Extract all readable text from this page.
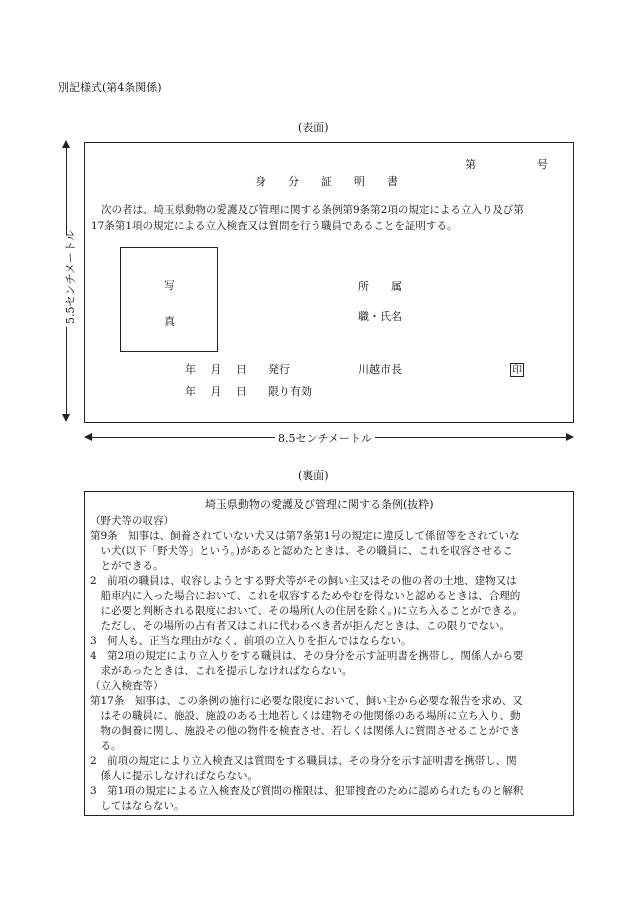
別記様式(第4条関係)
(表面)
5.5センチメートル
第	号
身　　分　　証　　明　　書
次の者は、埼玉県動物の愛護及び管理に関する条例第9条第2項の規定による立入り及び第
17条第1項の規定による立入検査又は質問を行う職員であることを証明する。
写
真
所　　属
職・氏名
年　 月　 日 発行	川越市長	印
年　 月　 日 限り有効
8.5センチメートル
(裏面)
埼玉県動物の愛護及び管理に関する条例(抜粋)
（野犬等の収容）
第9条　知事は、飼養されていない犬又は第7条第1号の規定に違反して係留等をされていな
　い犬(以下「野犬等」という。)があると認めたときは、その職員に、これを収容させるこ
　とができる。
2　前項の職員は、収容しようとする野犬等がその飼い主又はその他の者の土地、建物又は
　船車内に入った場合において、これを収容するためやむを得ないと認めるときは、合理的
　に必要と判断される限度において、その場所(人の住居を除く。)に立ち入ることができる。
　ただし、その場所の占有者又はこれに代わるべき者が拒んだときは、この限りでない。
3　何人も、正当な理由がなく、前項の立入りを拒んではならない。
4　第2項の規定により立入りをする職員は、その身分を示す証明書を携帯し、関係人から要
　求があったときは、これを提示しなければならない。
（立入検査等）
第17条　知事は、この条例の施行に必要な限度において、飼い主から必要な報告を求め、又
　はその職員に、施設、施設のある土地若しくは建物その他関係のある場所に立ち入り、動
　物の飼養に関し、施設その他の物件を検査させ、若しくは関係人に質問させることができ
　る。
2　前項の規定により立入検査又は質問をする職員は、その身分を示す証明書を携帯し、関
　係人に提示しなければならない。
3　第1項の規定による立入検査及び質問の権限は、犯罪捜査のために認められたものと解釈
　してはならない。
